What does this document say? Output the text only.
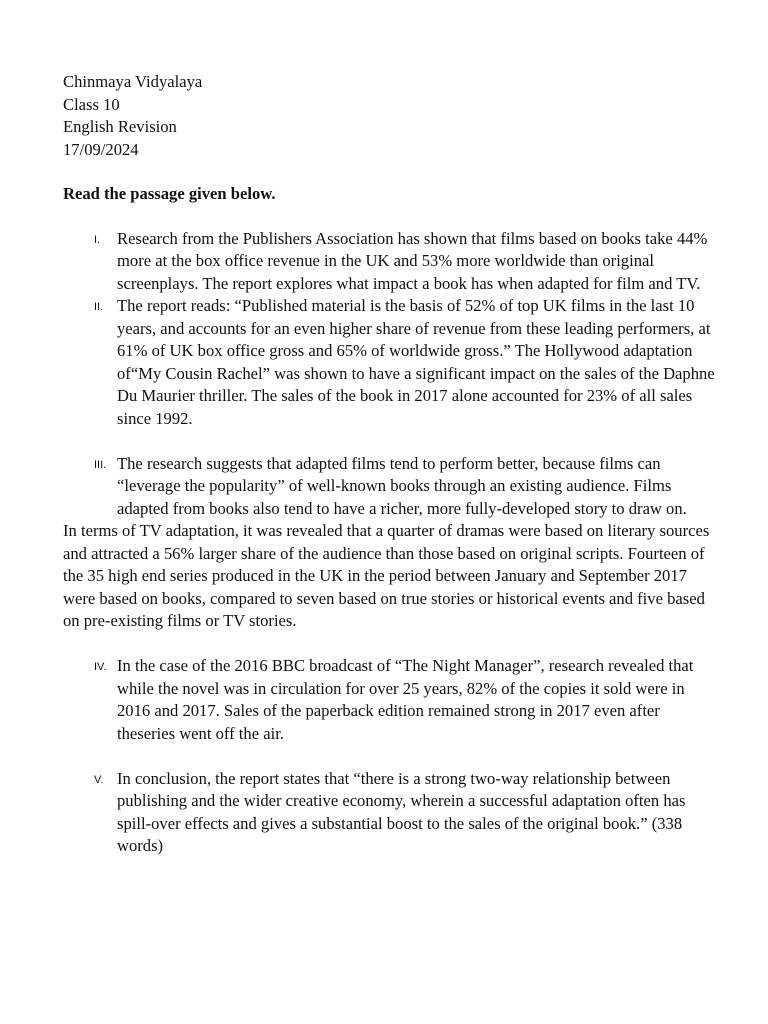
Chinmaya Vidyalaya

Class 10

English Revision

17/09/2024

Read the passage given below.

I. Research from the Publishers Association has shown that films based on books take 44% more at the box office revenue in the UK and 53% more worldwide than original screenplays. The report explores what impact a book has when adapted for film and TV.

II. The report reads: “Published material is the basis of 52% of top UK films in the last 10 years, and accounts for an even higher share of revenue from these leading performers, at 61% of UK box office gross and 65% of worldwide gross.” The Hollywood adaptation of“My Cousin Rachel” was shown to have a significant impact on the sales of the Daphne Du Maurier thriller. The sales of the book in 2017 alone accounted for 23% of all sales since 1992.

III. The research suggests that adapted films tend to perform better, because films can “leverage the popularity” of well-known books through an existing audience. Films adapted from books also tend to have a richer, more fully-developed story to draw on.

In terms of TV adaptation, it was revealed that a quarter of dramas were based on literary sources and attracted a 56% larger share of the audience than those based on original scripts. Fourteen of the 35 high end series produced in the UK in the period between January and September 2017 were based on books, compared to seven based on true stories or historical events and five based on pre-existing films or TV stories.

IV. In the case of the 2016 BBC broadcast of “The Night Manager”, research revealed that while the novel was in circulation for over 25 years, 82% of the copies it sold were in 2016 and 2017. Sales of the paperback edition remained strong in 2017 even after theseries went off the air.

V. In conclusion, the report states that “there is a strong two-way relationship between publishing and the wider creative economy, wherein a successful adaptation often has spill-over effects and gives a substantial boost to the sales of the original book.” (338 words)
